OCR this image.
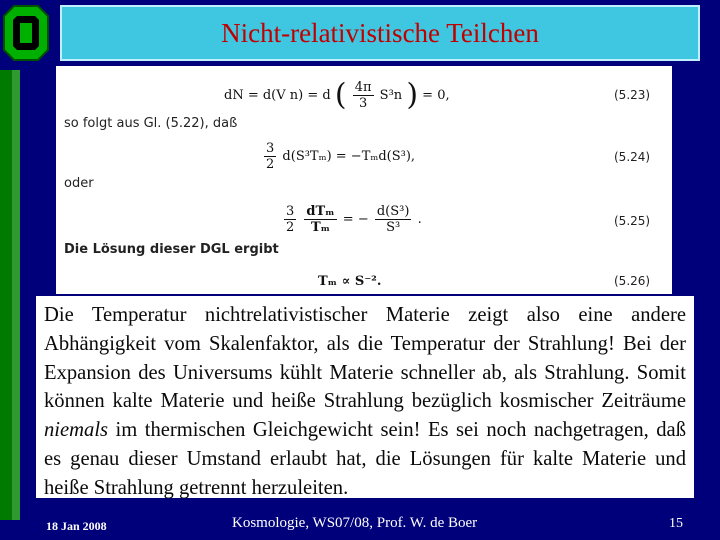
Nicht-relativistische Teilchen
dN = d(V n) = d ( $\frac{4\pi}{3} S^3n$ ) = 0,	(5.23)
so folgt aus Gl. (5.22), daß
$\frac{3}{2} d(S^3T_m) = -T_md(S^3)$,	(5.24)
oder
$\frac{3}{2}$
$\frac{\text{dTₘ}}{\text{Tₘ}}$ = − $\frac{\text{d(S³)}}{\text{S³}}$ .	(5.25)
Die Lösung dieser DGL ergibt
Tₘ ∝ S⁻².	(5.26)

Die Temperatur nichtrelativistischer Materie zeigt also eine andere Abhängigkeit vom Skalenfaktor, als die Temperatur der Strahlung! Bei der Expansion des Universums kühlt Materie schneller ab, als Strahlung. Somit können kalte Materie und heiße Strahlung bezüglich kosmischer Zeiträume niemals im thermischen Gleichgewicht sein! Es sei noch nachgetragen, daß es genau dieser Umstand erlaubt hat, die Lösungen für kalte Materie und heiße Strahlung getrennt herzuleiten.

18 Jan 2008	Kosmologie, WS07/08, Prof. W. de Boer	15
